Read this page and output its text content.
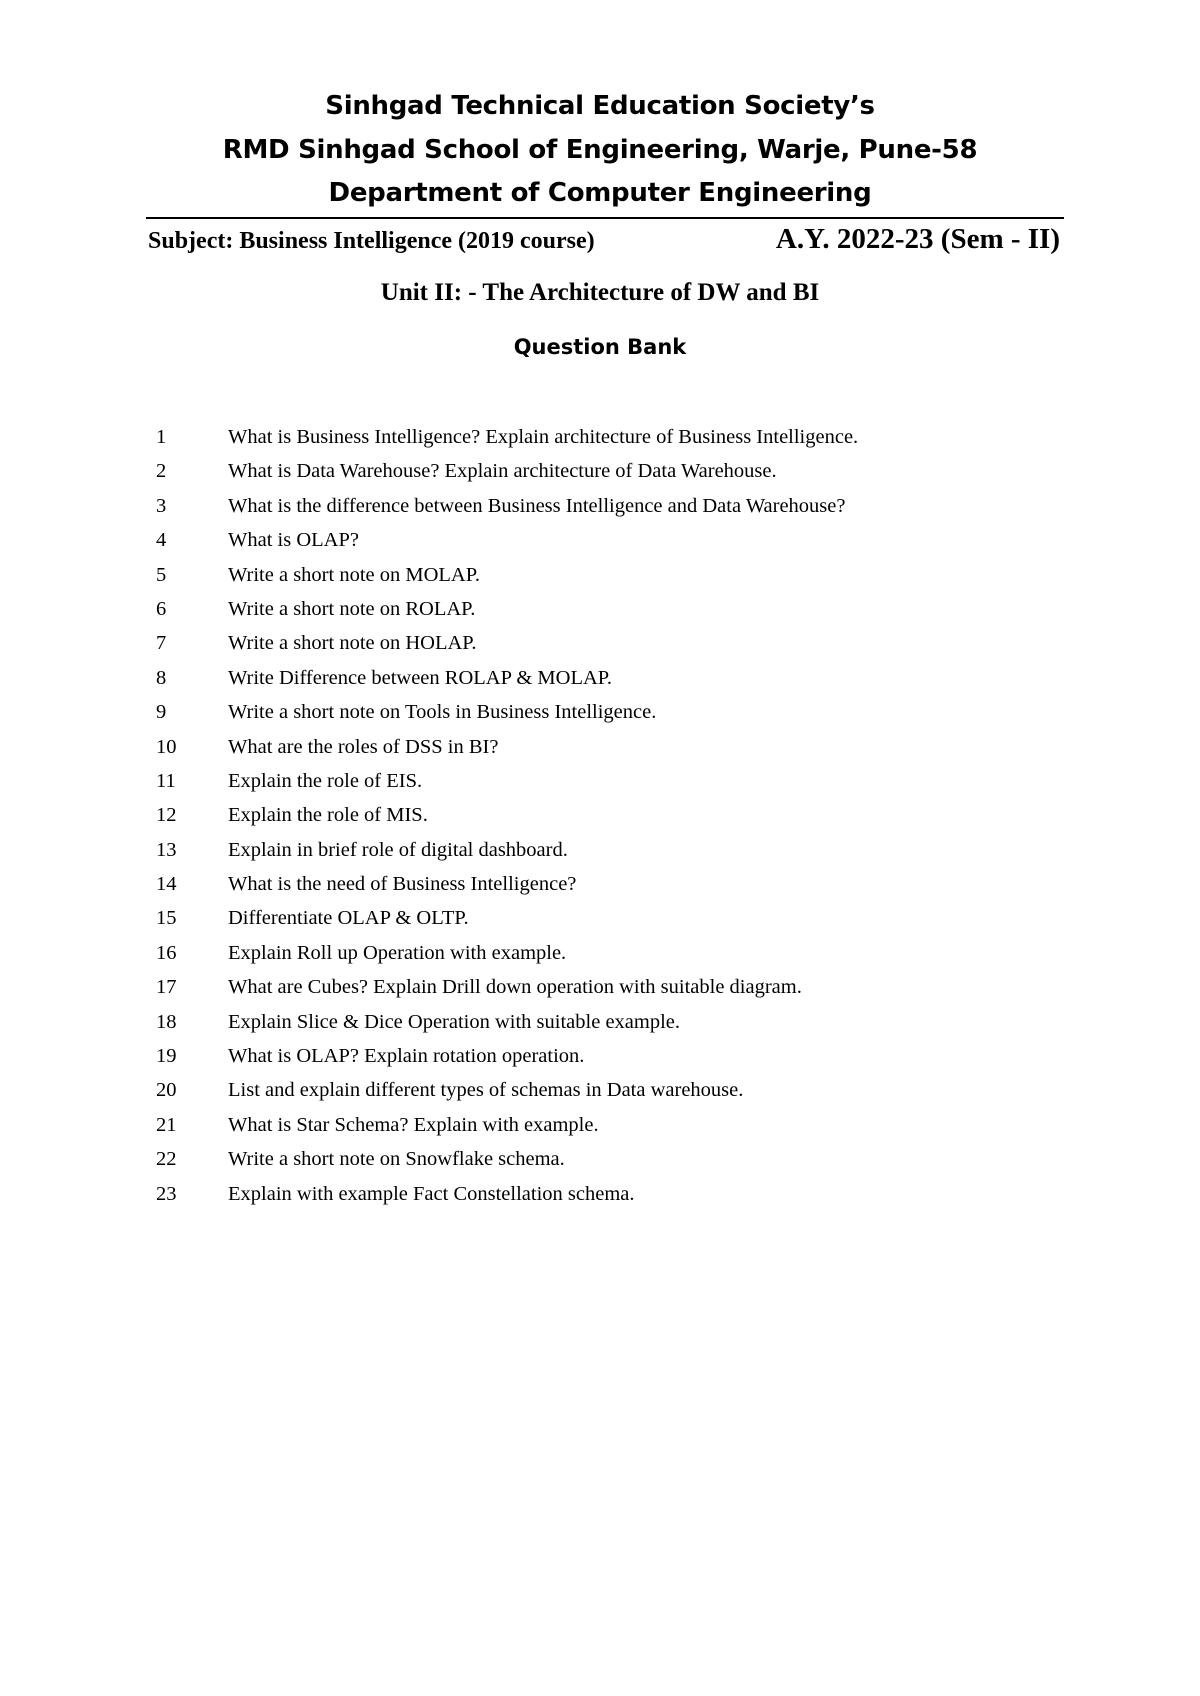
Sinhgad Technical Education Society’s
RMD Sinhgad School of Engineering, Warje, Pune-58
Department of Computer Engineering
Subject: Business Intelligence (2019 course)	A.Y. 2022-23 (Sem - II)
Unit II: - The Architecture of DW and BI
Question Bank
1	What is Business Intelligence? Explain architecture of Business Intelligence.
2	What is Data Warehouse? Explain architecture of Data Warehouse.
3	What is the difference between Business Intelligence and Data Warehouse?
4	What is OLAP?
5	Write a short note on MOLAP.
6	Write a short note on ROLAP.
7	Write a short note on HOLAP.
8	Write Difference between ROLAP & MOLAP.
9	Write a short note on Tools in Business Intelligence.
10	What are the roles of DSS in BI?
11	Explain the role of EIS.
12	Explain the role of MIS.
13	Explain in brief role of digital dashboard.
14	What is the need of Business Intelligence?
15	Differentiate OLAP & OLTP.
16	Explain Roll up Operation with example.
17	What are Cubes? Explain Drill down operation with suitable diagram.
18	Explain Slice & Dice Operation with suitable example.
19	What is OLAP? Explain rotation operation.
20	List and explain different types of schemas in Data warehouse.
21	What is Star Schema? Explain with example.
22	Write a short note on Snowflake schema.
23	Explain with example Fact Constellation schema.
